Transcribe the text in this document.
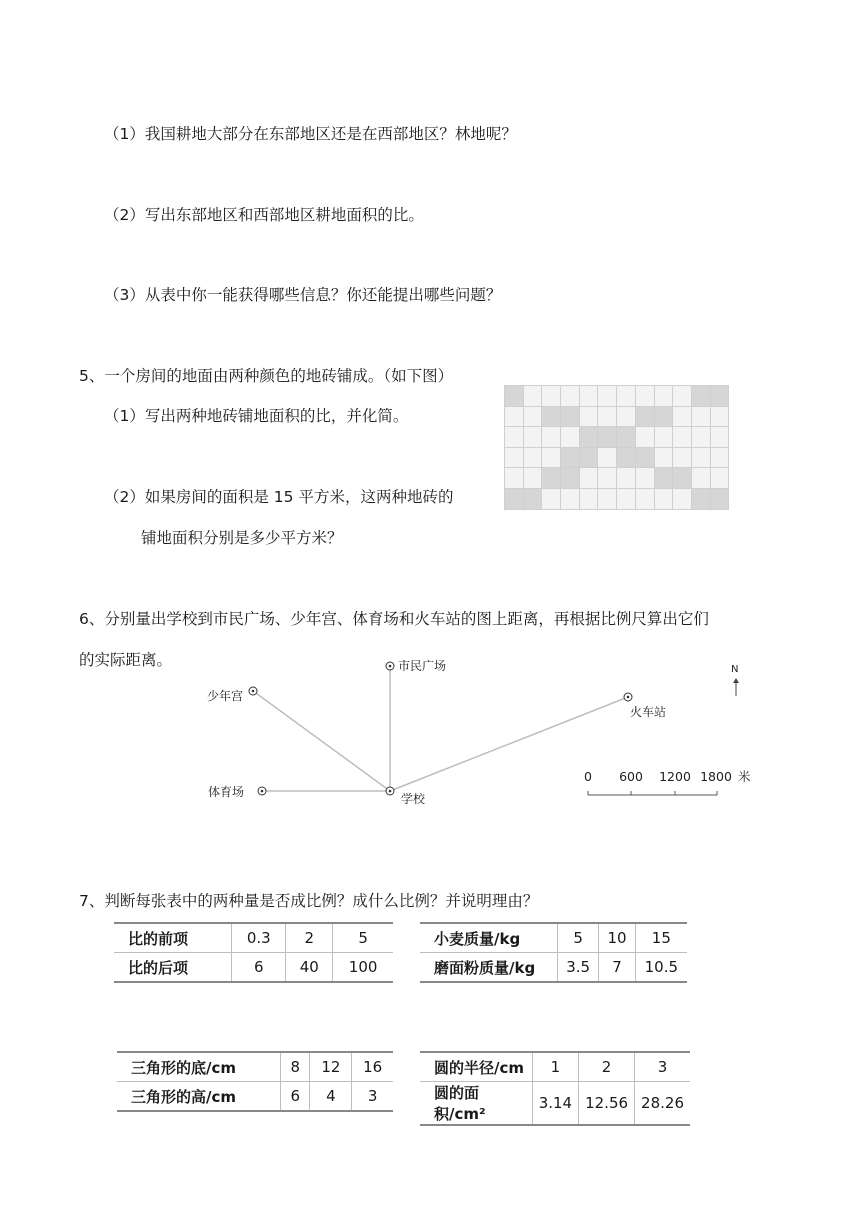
（1）我国耕地大部分在东部地区还是在西部地区？林地呢？
（2）写出东部地区和西部地区耕地面积的比。
（3）从表中你一能获得哪些信息？你还能提出哪些问题？
5、一个房间的地面由两种颜色的地砖铺成。（如下图）
（1）写出两种地砖铺地面积的比，并化简。
（2）如果房间的面积是 15 平方米，这两种地砖的
铺地面积分别是多少平方米？

6、分别量出学校到市民广场、少年宫、体育场和火车站的图上距离，再根据比例尺算出它们
的实际距离。	市民广场
少年宫
火车站
体育场	学校
N
0 600 1200 1800 米
7、判断每张表中的两种量是否成比例？成什么比例？并说明理由？
比的前项	0.3	2	5
比的后项	6	40	100
小麦质量/kg	5	10	15
磨面粉质量/kg	3.5	7	10.5
三角形的底/cm	8	12	16
三角形的高/cm	6	4	3
圆的半径/cm	1	2	3
圆的面积/cm²	3.14	12.56	28.26
